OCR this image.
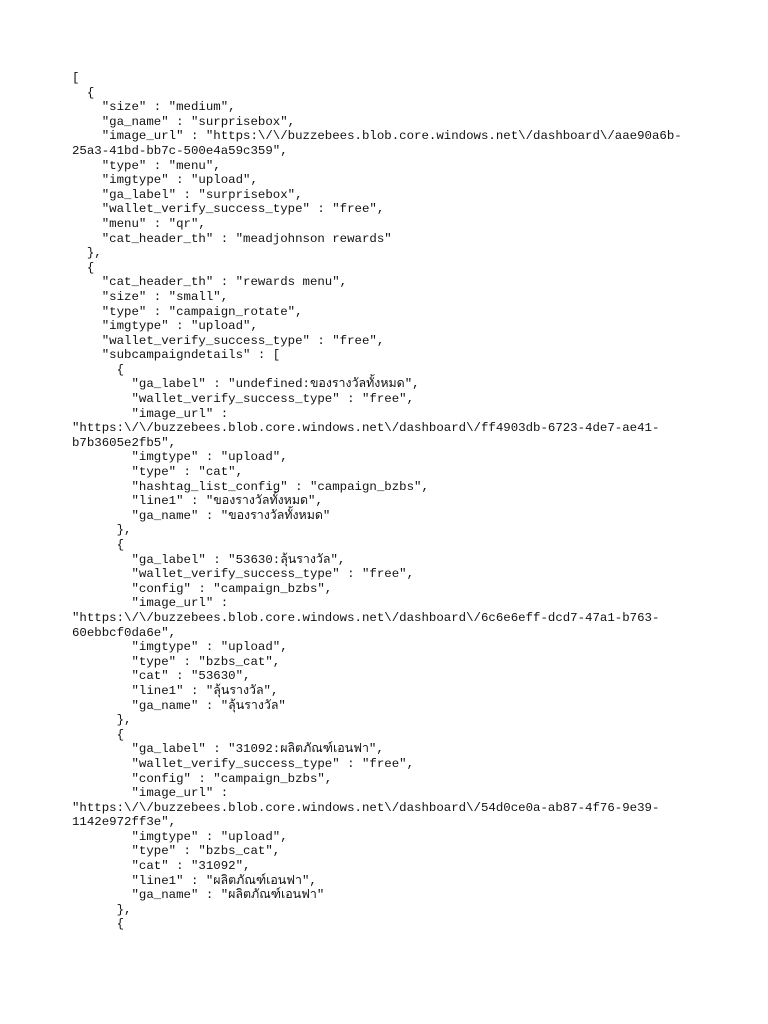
[
{
"size" : "medium",
"ga_name" : "surprisebox",
"image_url" : "https:\/\/buzzebees.blob.core.windows.net\/dashboard\/aae90a6b-
25a3-41bd-bb7c-500e4a59c359",
"type" : "menu",
"imgtype" : "upload",
"ga_label" : "surprisebox",
"wallet_verify_success_type" : "free",
"menu" : "qr",
"cat_header_th" : "meadjohnson rewards"
},
{
"cat_header_th" : "rewards menu",
"size" : "small",
"type" : "campaign_rotate",
"imgtype" : "upload",
"wallet_verify_success_type" : "free",
"subcampaigndetails" : [
{
"ga_label" : "undefined:ของรางวัลทั้งหมด",
"wallet_verify_success_type" : "free",
"image_url" :
"https:\/\/buzzebees.blob.core.windows.net\/dashboard\/ff4903db-6723-4de7-ae41-
b7b3605e2fb5",
"imgtype" : "upload",
"type" : "cat",
"hashtag_list_config" : "campaign_bzbs",
"line1" : "ของรางวัลทั้งหมด",
"ga_name" : "ของรางวัลทั้งหมด"
},
{
"ga_label" : "53630:ลุ้นรางวัล",
"wallet_verify_success_type" : "free",
"config" : "campaign_bzbs",
"image_url" :
"https:\/\/buzzebees.blob.core.windows.net\/dashboard\/6c6e6eff-dcd7-47a1-b763-
60ebbcf0da6e",
"imgtype" : "upload",
"type" : "bzbs_cat",
"cat" : "53630",
"line1" : "ลุ้นรางวัล",
"ga_name" : "ลุ้นรางวัล"
},
{
"ga_label" : "31092:ผลิตภัณฑ์เอนฟา",
"wallet_verify_success_type" : "free",
"config" : "campaign_bzbs",
"image_url" :
"https:\/\/buzzebees.blob.core.windows.net\/dashboard\/54d0ce0a-ab87-4f76-9e39-
1142e972ff3e",
"imgtype" : "upload",
"type" : "bzbs_cat",
"cat" : "31092",
"line1" : "ผลิตภัณฑ์เอนฟา",
"ga_name" : "ผลิตภัณฑ์เอนฟา"
},
{
